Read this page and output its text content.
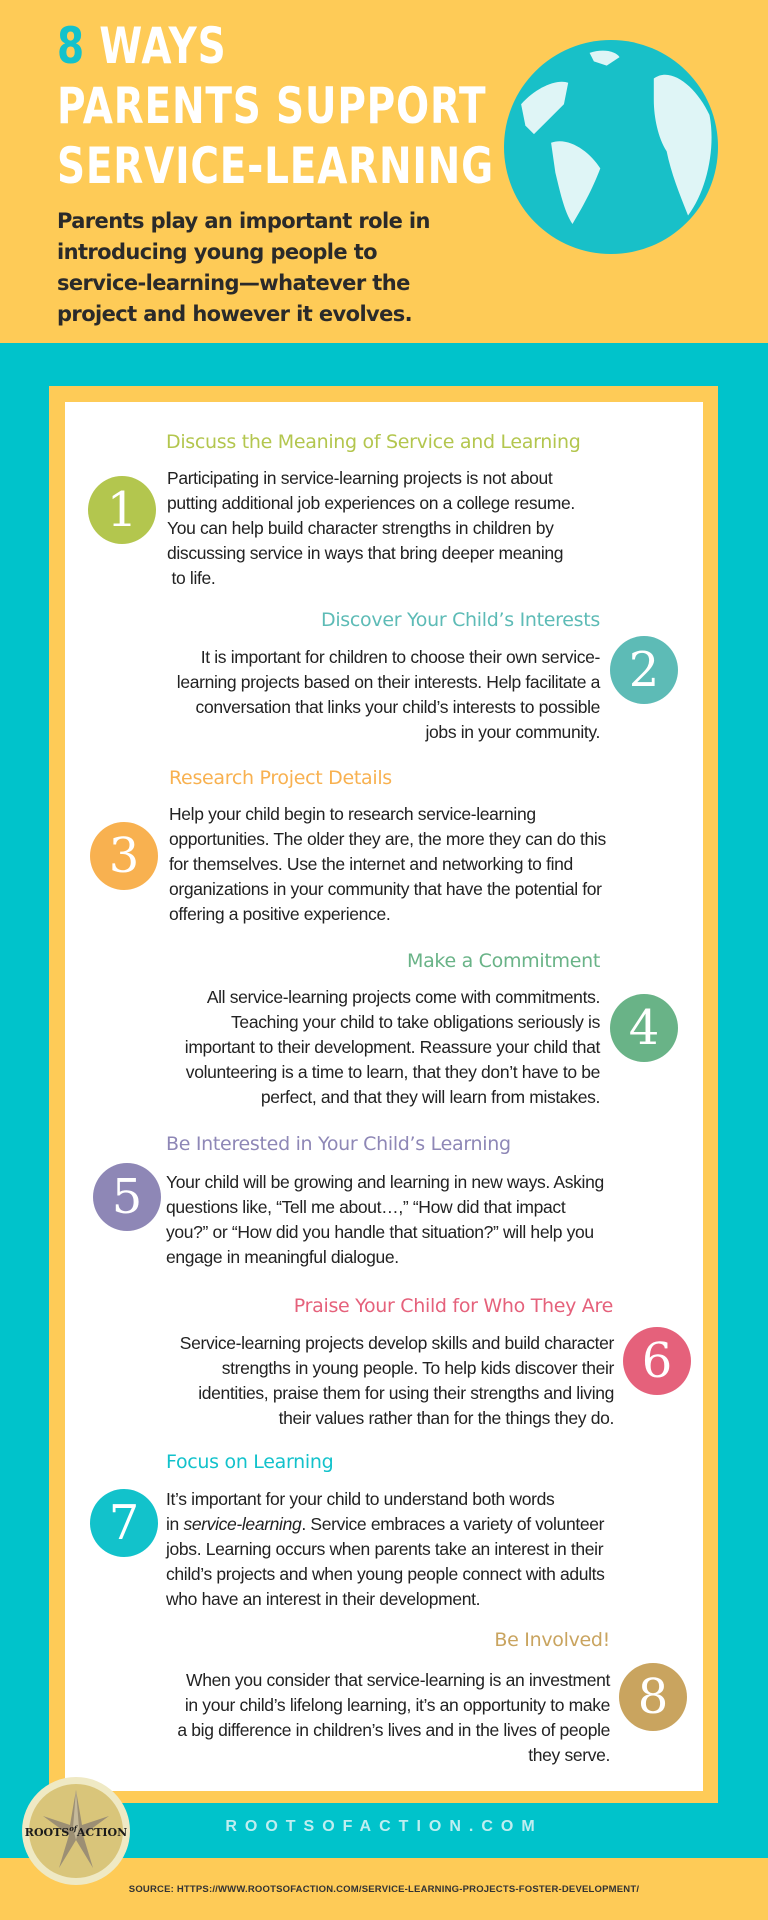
8 WAYS
PARENTS SUPPORT
SERVICE-LEARNING
Parents play an important role in introducing young people to service-learning—whatever the project and however it evolves.
Discuss the Meaning of Service and Learning
1
Participating in service-learning projects is not about
putting additional job experiences on a college resume.
You can help build character strengths in children by
discussing service in ways that bring deeper meaning
to life.
Discover Your Child’s Interests
2
It is important for children to choose their own service-
learning projects based on their interests. Help facilitate a
conversation that links your child’s interests to possible
jobs in your community.
Research Project Details
3
Help your child begin to research service-learning
opportunities. The older they are, the more they can do this
for themselves. Use the internet and networking to find
organizations in your community that have the potential for
offering a positive experience.
Make a Commitment
4
All service-learning projects come with commitments.
Teaching your child to take obligations seriously is
important to their development. Reassure your child that
volunteering is a time to learn, that they don’t have to be
perfect, and that they will learn from mistakes.
Be Interested in Your Child’s Learning
5	Your child will be growing and learning in new ways. Asking
questions like, “Tell me about…,” “How did that impact
you?” or “How did you handle that situation?” will help you
engage in meaningful dialogue.
Praise Your Child for Who They Are
6
Service-learning projects develop skills and build character
strengths in young people. To help kids discover their
identities, praise them for using their strengths and living
their values rather than for the things they do.
Focus on Learning
7	It’s important for your child to understand both words
in service-learning. Service embraces a variety of volunteer
jobs. Learning occurs when parents take an interest in their
child’s projects and when young people connect with adults
who have an interest in their development.
Be Involved!
8
When you consider that service-learning is an investment
in your child’s lifelong learning, it’s an opportunity to make
a big difference in children’s lives and in the lives of people
they serve.
ROOTSOFACTION.COM
$ROOTS^{of}ACTION$
SOURCE: HTTPS://WWW.ROOTSOFACTION.COM/SERVICE-LEARNING-PROJECTS-FOSTER-DEVELOPMENT/
